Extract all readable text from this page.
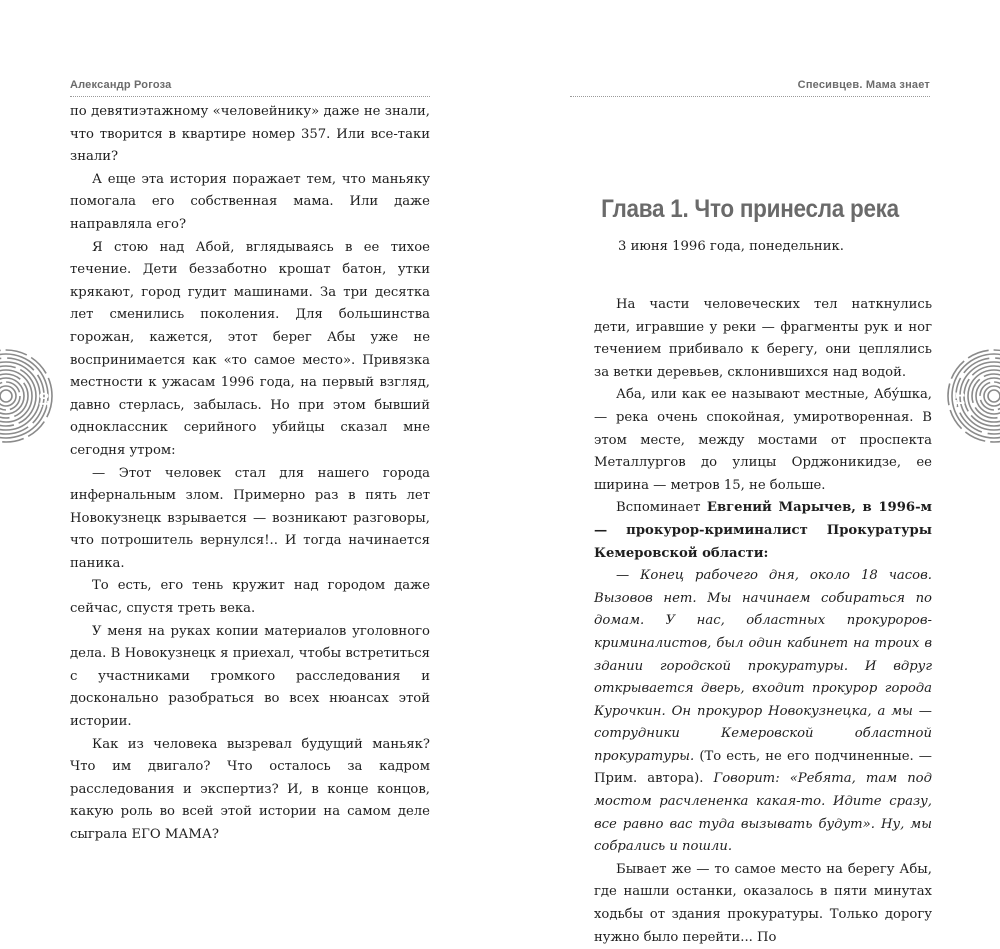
Александр Рогоза

по девятиэтажному «человейнику» даже не знали, что творится в квартире номер 357. Или все-таки знали?

А еще эта история поражает тем, что маньяку помогала его собственная мама. Или даже направляла его?

Я стою над Абой, вглядываясь в ее тихое течение. Дети беззаботно крошат батон, утки крякают, город гудит машинами. За три десятка лет сменились поколения. Для большинства горожан, кажется, этот берег Абы уже не воспринимается как «то самое место». Привязка местности к ужасам 1996 года, на первый взгляд, давно стерлась, забылась. Но при этом бывший одноклассник серийного убийцы сказал мне сегодня утром:

— Этот человек стал для нашего города инфернальным злом. Примерно раз в пять лет Новокузнецк взрывается — возникают разговоры, что потрошитель вернулся!.. И тогда начинается паника.

То есть, его тень кружит над городом даже сейчас, спустя треть века.

У меня на руках копии материалов уголовного дела. В Новокузнецк я приехал, чтобы встретиться с участниками громкого расследования и досконально разобраться во всех нюансах этой истории.

Как из человека вызревал будущий маньяк? Что им двигало? Что осталось за кадром расследования и экспертиз? И, в конце концов, какую роль во всей этой истории на самом деле сыграла ЕГО МАМА?

10
Спесивцев. Мама знает
Глава 1. Что принесла река
3 июня 1996 года, понедельник.

На части человеческих тел наткнулись дети, игравшие у реки — фрагменты рук и ног течением прибивало к берегу, они цеплялись за ветки деревьев, склонившихся над водой.

Аба, или как ее называют местные, Абу́шка, — река очень спокойная, умиротворенная. В этом месте, между мостами от проспекта Металлургов до улицы Орджоникидзе, ее ширина — метров 15, не больше.

Вспоминает Евгений Марычев, в 1996-м — прокурор-криминалист Прокуратуры Кемеровской области:

— Конец рабочего дня, около 18 часов. Вызовов нет. Мы начинаем собираться по домам. У нас, областных прокуроров-криминалистов, был один кабинет на троих в здании городской прокуратуры. И вдруг открывается дверь, входит прокурор города Курочкин. Он прокурор Новокузнецка, а мы — сотрудники Кемеровской областной прокуратуры. (То есть, не его подчиненные. — Прим. автора). Говорит: «Ребята, там под мостом расчлененка какая-то. Идите сразу, все равно вас туда вызывать будут». Ну, мы собрались и пошли.

Бывает же — то самое место на берегу Абы, где нашли останки, оказалось в пяти минутах ходьбы от здания прокуратуры. Только дорогу нужно было перейти... По

11
